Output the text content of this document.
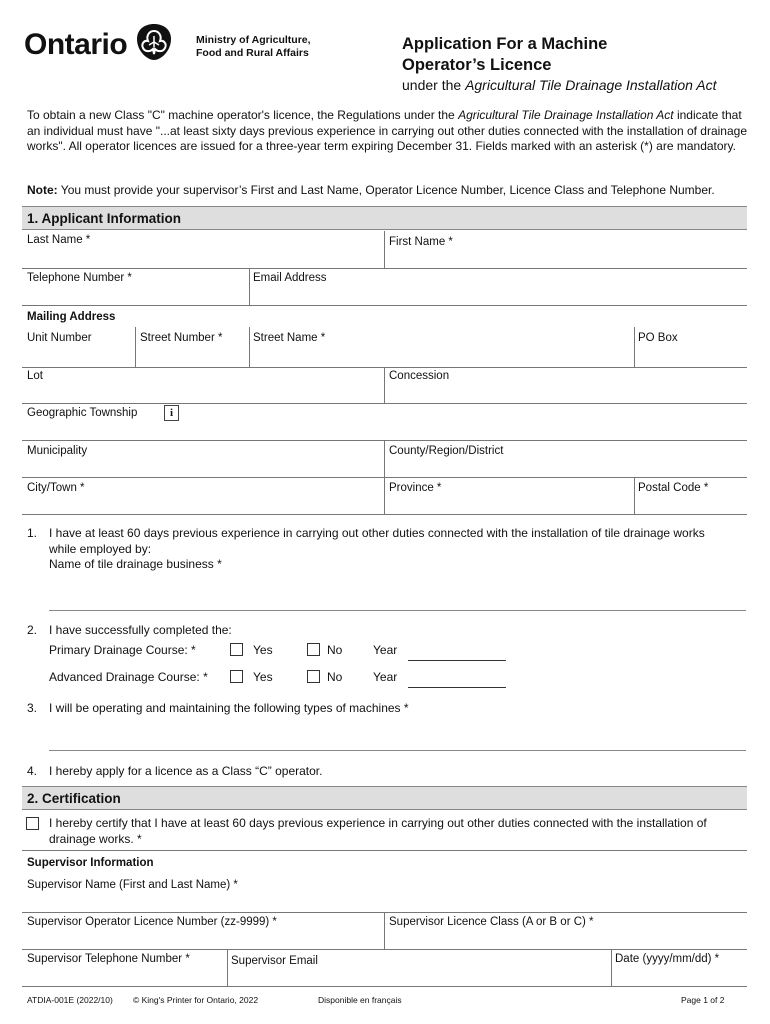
Ontario	Ministry of Agriculture,
Food and Rural Affairs	Application For a Machine
Operator’s Licence
under the Agricultural Tile Drainage Installation Act
To obtain a new Class "C" machine operator's licence, the Regulations under the Agricultural Tile Drainage Installation Act indicate that an individual must have "...at least sixty days previous experience in carrying out other duties connected with the installation of drainage works". All operator licences are issued for a three-year term expiring December 31. Fields marked with an asterisk (*) are mandatory.
Note: You must provide your supervisor’s First and Last Name, Operator Licence Number, Licence Class and Telephone Number.
1. Applicant Information
Last Name *	First Name *
Telephone Number *	Email Address
Mailing Address
Unit Number	Street Number *	Street Name *	PO Box
Lot	Concession
Geographic Township	i
Municipality	County/Region/District
City/Town *	Province *	Postal Code *
1. I have at least 60 days previous experience in carrying out other duties connected with the installation of tile drainage works
while employed by:
Name of tile drainage business *
2. I have successfully completed the:
Primary Drainage Course: *	Yes	No	Year
Advanced Drainage Course: *	Yes	No	Year
3. I will be operating and maintaining the following types of machines *
4. I hereby apply for a licence as a Class “C” operator.
2. Certification
I hereby certify that I have at least 60 days previous experience in carrying out other duties connected with the installation of
drainage works. *
Supervisor Information
Supervisor Name (First and Last Name) *
Supervisor Operator Licence Number (zz-9999) *	Supervisor Licence Class (A or B or C) *
Supervisor Telephone Number *	Supervisor Email	Date (yyyy/mm/dd) *
ATDIA-001E (2022/10) © King's Printer for Ontario, 2022	Disponible en français	Page 1 of 2
